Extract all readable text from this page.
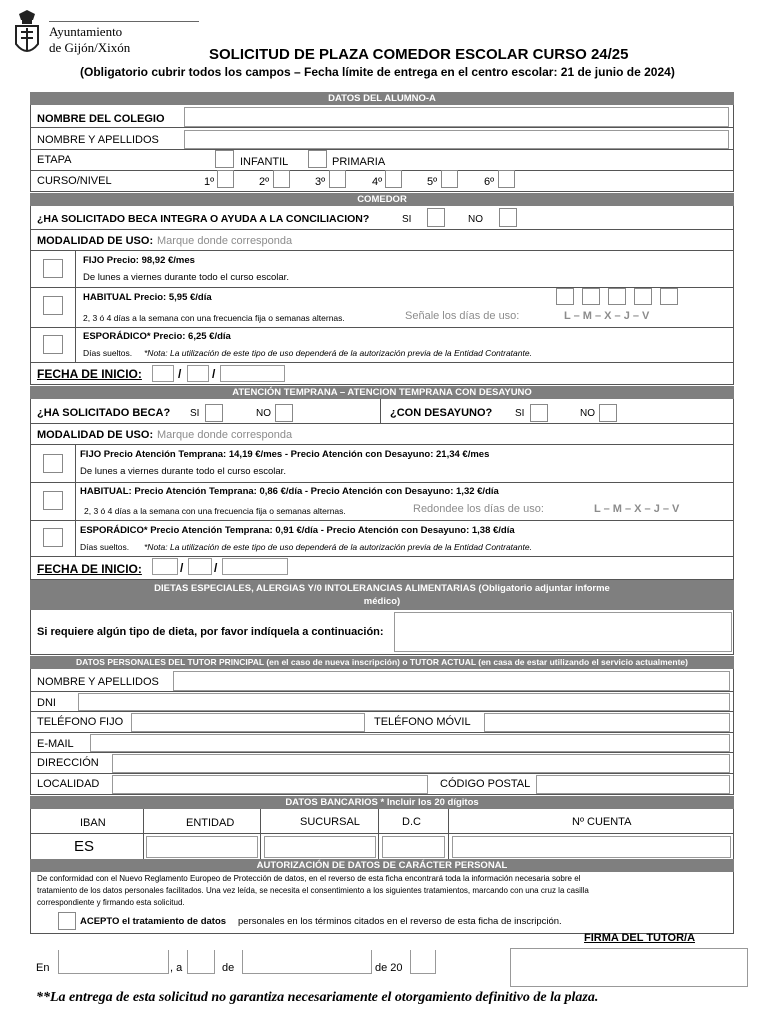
Ayuntamiento
de Gijón/Xixón	SOLICITUD DE PLAZA COMEDOR ESCOLAR CURSO 24/25
(Obligatorio cubrir todos los campos – Fecha límite de entrega en el centro escolar: 21 de junio de 2024)
DATOS DEL ALUMNO-A
NOMBRE DEL COLEGIO
NOMBRE Y APELLIDOS
ETAPA	INFANTIL	PRIMARIA
CURSO/NIVEL	1º	2º	3º	4º	5º	6º
COMEDOR
¿HA SOLICITADO BECA INTEGRA O AYUDA A LA CONCILIACION?	SI	NO
MODALIDAD DE USO: Marque donde corresponda
FIJO Precio: 98,92 €/mes
De lunes a viernes durante todo el curso escolar.
HABITUAL Precio: 5,95 €/día
2, 3 ó 4 días a la semana con una frecuencia fija o semanas alternas.	Señale los días de uso:	L – M – X – J – V
ESPORÁDICO* Precio: 6,25 €/día
Días sueltos. *Nota: La utilización de este tipo de uso dependerá de la autorización previa de la Entidad Contratante.
FECHA DE INICIO:	/	/
ATENCIÓN TEMPRANA – ATENCION TEMPRANA CON DESAYUNO
¿HA SOLICITADO BECA? SI	NO	¿CON DESAYUNO? SI	NO
MODALIDAD DE USO: Marque donde corresponda
FIJO Precio Atención Temprana: 14,19 €/mes - Precio Atención con Desayuno: 21,34 €/mes
De lunes a viernes durante todo el curso escolar.
HABITUAL: Precio Atención Temprana: 0,86 €/día - Precio Atención con Desayuno: 1,32 €/día
2, 3 ó 4 días a la semana con una frecuencia fija o semanas alternas.	Redondee los días de uso:	L – M – X – J – V
ESPORÁDICO* Precio Atención Temprana: 0,91 €/día - Precio Atención con Desayuno: 1,38 €/día
Días sueltos. *Nota: La utilización de este tipo de uso dependerá de la autorización previa de la Entidad Contratante.
FECHA DE INICIO:	/	/
DIETAS ESPECIALES, ALERGIAS Y/0 INTOLERANCIAS ALIMENTARIAS (Obligatorio adjuntar informe
médico)
Si requiere algún tipo de dieta, por favor indíquela a continuación:
DATOS PERSONALES DEL TUTOR PRINCIPAL (en el caso de nueva inscripción) o TUTOR ACTUAL (en casa de estar utilizando el servicio actualmente)
NOMBRE Y APELLIDOS
DNI
TELÉFONO FIJO	TELÉFONO MÓVIL
E-MAIL
DIRECCIÓN
LOCALIDAD	CÓDIGO POSTAL
DATOS BANCARIOS * Incluir los 20 dígitos
IBAN	ENTIDAD	SUCURSAL	D.C	Nº CUENTA
ES
AUTORIZACIÓN DE DATOS DE CARÁCTER PERSONAL
De conformidad con el Nuevo Reglamento Europeo de Protección de datos, en el reverso de esta ficha encontrará toda la información necesaria sobre el
tratamiento de los datos personales facilitados. Una vez leída, se necesita el consentimiento a los siguientes tratamientos, marcando con una cruz la casilla
correspondiente y firmando esta solicitud.
ACEPTO el tratamiento de datos personales en los términos citados en el reverso de esta ficha de inscripción.
FIRMA DEL TUTOR/A
En	, a	de	de 20
**La entrega de esta solicitud no garantiza necesariamente el otorgamiento definitivo de la plaza.
